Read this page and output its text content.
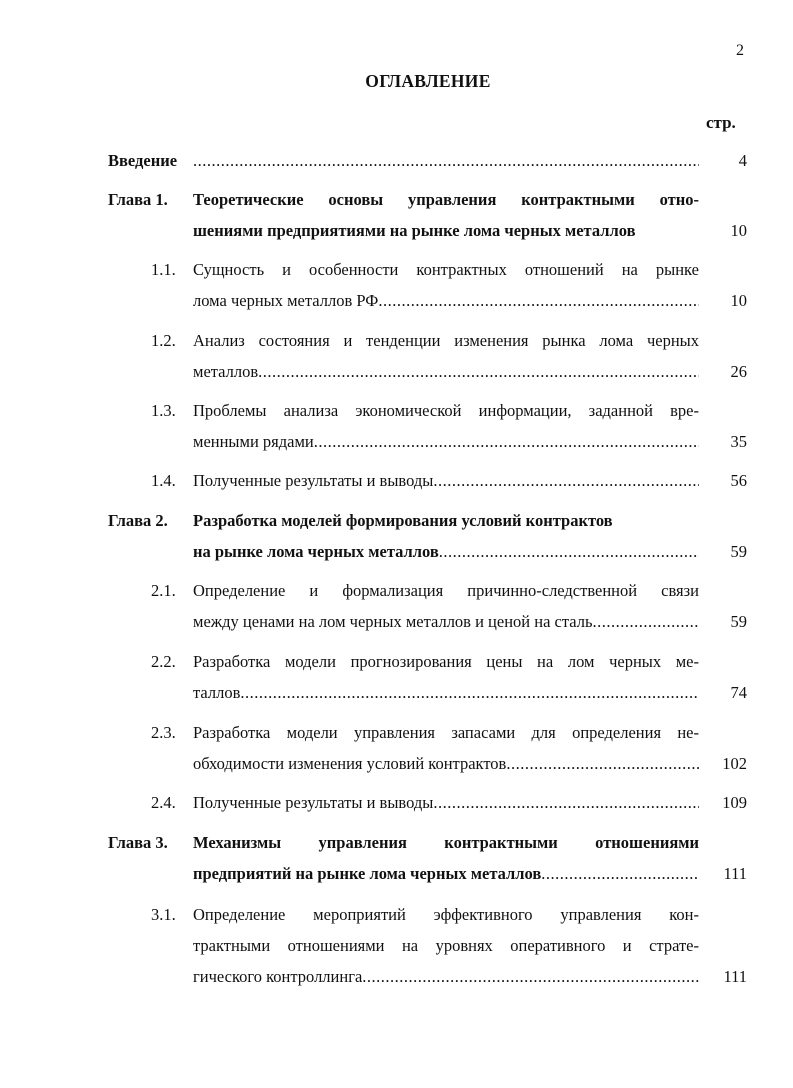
2
ОГЛАВЛЕНИЕ
стр.
Введение .....	4
Глава 1. Теоретические основы управления контрактными отно-
шениями предприятиями на рынке лома черных металлов	10
1.1. Сущность и особенности контрактных отношений на рынке
лома черных металлов РФ .....	10
1.2. Анализ состояния и тенденции изменения рынка лома черных
металлов .....	26
1.3. Проблемы анализа экономической информации, заданной вре-
менными рядами .....	35
1.4. Полученные результаты и выводы .....	56
Глава 2. Разработка моделей формирования условий контрактов
на рынке лома черных металлов .....	59
2.1. Определение и формализация причинно-следственной связи
между ценами на лом черных металлов и ценой на сталь .....	59
2.2. Разработка модели прогнозирования цены на лом черных ме-
таллов .....	74
2.3. Разработка модели управления запасами для определения не-
обходимости изменения условий контрактов .....	102
2.4. Полученные результаты и выводы .....	109
Глава 3. Механизмы управления контрактными отношениями
предприятий на рынке лома черных металлов .....	111
3.1. Определение мероприятий эффективного управления кон-
трактными отношениями на уровнях оперативного и страте-
гического контроллинга .....	111
